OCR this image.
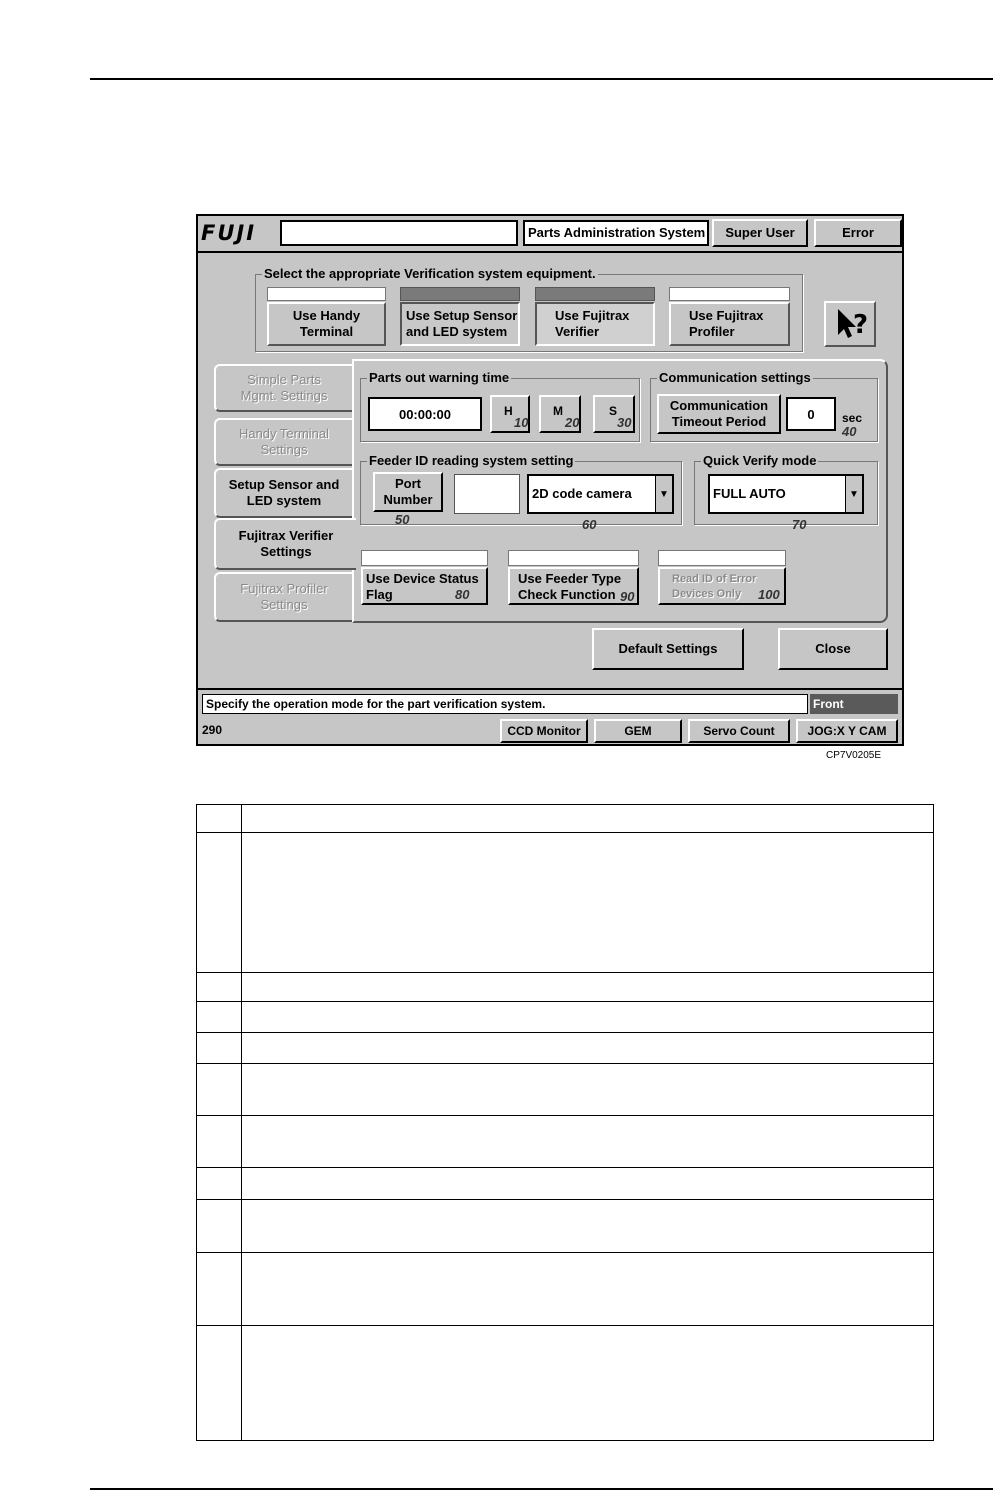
FUJI	Parts Administration System	Super User	Error
Select the appropriate Verification system equipment.
Use Handy
Terminal
Use Setup Sensor
and LED system
Use Fujitrax
Verifier
Use Fujitrax
Profiler	?
Simple Parts
Mgmt. Settings
Handy Terminal
Settings
Setup Sensor and
LED system
Fujitrax Verifier
Settings
Fujitrax Profiler
Settings
Parts out warning time
00:00:00	H
10
M
20
S
30
Communication settings
Communication
Timeout Period	0	sec
40
Feeder ID reading system setting
Port
Number
50
2D code camera	▼
60
Quick Verify mode
FULL AUTO	▼
70
Use Device Status
Flag	80
Use Feeder Type
Check Function 90
Read ID of Error
Devices Only	100
Default Settings	Close
Specify the operation mode for the part verification system.	Front
290	CCD Monitor	GEM	Servo Count	JOG:X Y CAM
CP7V0205E
